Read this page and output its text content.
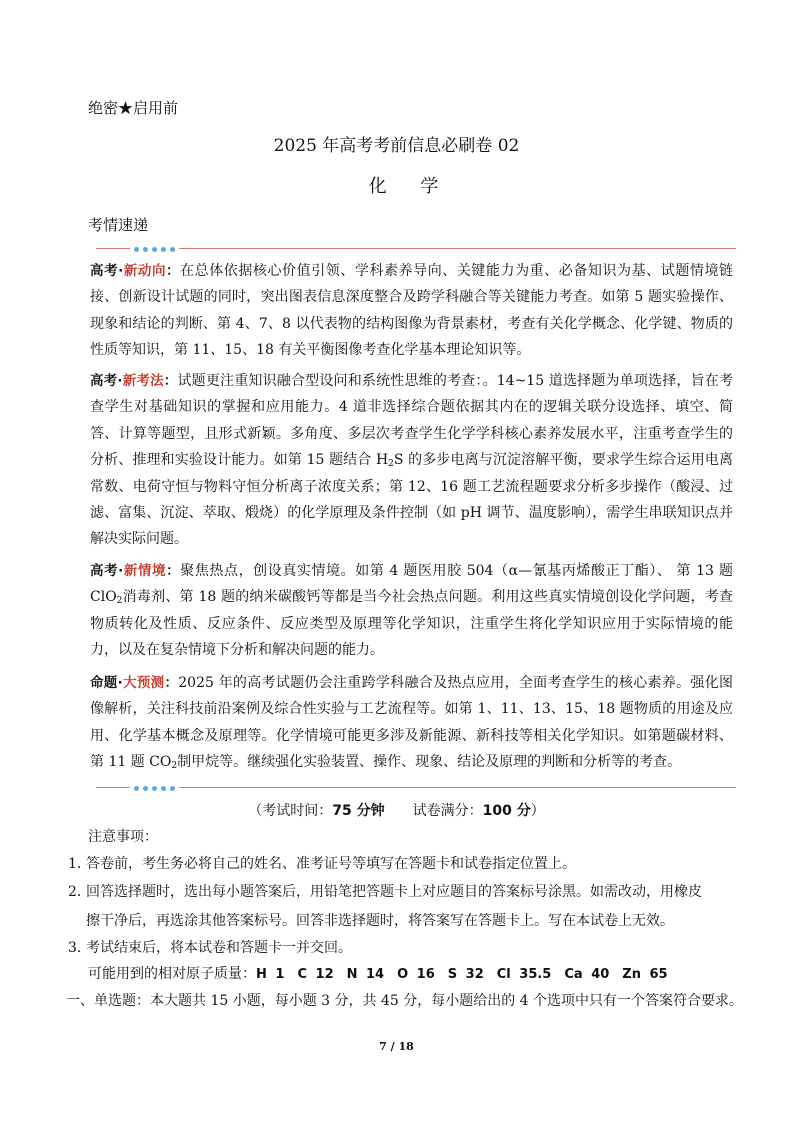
绝密★启用前
2025 年高考考前信息必刷卷 02
化 学
考情速递
高考·新动向：在总体依据核心价值引领、学科素养导向、关键能力为重、必备知识为基、试题情境链接、创新设计试题的同时，突出图表信息深度整合及跨学科融合等关键能力考查。如第 5 题实验操作、现象和结论的判断、第 4、7、8 以代表物的结构图像为背景素材，考查有关化学概念、化学键、物质的性质等知识，第 11、15、18 有关平衡图像考查化学基本理论知识等。
高考·新考法：试题更注重知识融合型设问和系统性思维的考查：。14~15 道选择题为单项选择，旨在考查学生对基础知识的掌握和应用能力。4 道非选择综合题依据其内在的逻辑关联分设选择、填空、简答、计算等题型，且形式新颖。多角度、多层次考查学生化学学科核心素养发展水平，注重考查学生的分析、推理和实验设计能力。如第 15 题结合 $H_2S$ 的多步电离与沉淀溶解平衡，要求学生综合运用电离常数、电荷守恒与物料守恒分析离子浓度关系；第 12、16 题工艺流程题要求分析多步操作（酸浸、过滤、富集、沉淀、萃取、煅烧）的化学原理及条件控制（如 pH 调节、温度影响），需学生串联知识点并解决实际问题。
高考·新情境：聚焦热点，创设真实情境。如第 4 题医用胶 504（α—氰基丙烯酸正丁酯）、 第 13 题 ClO$_2$消毒剂、第 18 题的纳米碳酸钙等都是当今社会热点问题。利用这些真实情境创设化学问题，考查物质转化及性质、反应条件、反应类型及原理等化学知识，注重学生将化学知识应用于实际情境的能力，以及在复杂情境下分析和解决问题的能力。
命题·大预测：2025 年的高考试题仍会注重跨学科融合及热点应用，全面考查学生的核心素养。强化图像解析，关注科技前沿案例及综合性实验与工艺流程等。如第 1、11、13、15、18 题物质的用途及应用、化学基本概念及原理等。化学情境可能更多涉及新能源、新科技等相关化学知识。如第题碳材料、第 11 题 $CO_2$制甲烷等。继续强化实验装置、操作、现象、结论及原理的判断和分析等的考查。
（考试时间：75 分钟　　 试卷满分：100 分）
注意事项：
1．答卷前，考生务必将自己的姓名、准考证号等填写在答题卡和试卷指定位置上。
2．回答选择题时，选出每小题答案后，用铅笔把答题卡上对应题目的答案标号涂黑。如需改动，用橡皮
擦干净后，再选涂其他答案标号。回答非选择题时，将答案写在答题卡上。写在本试卷上无效。
3．考试结束后，将本试卷和答题卡一并交回。
可能用到的相对原子质量：H 1　C 12　N 14　O 16　S 32　Cl 35.5　Ca 40　Zn 65
一、单选题：本大题共 15 小题，每小题 3 分，共 45 分，每小题给出的 4 个选项中只有一个答案符合要求。
7 / 18
